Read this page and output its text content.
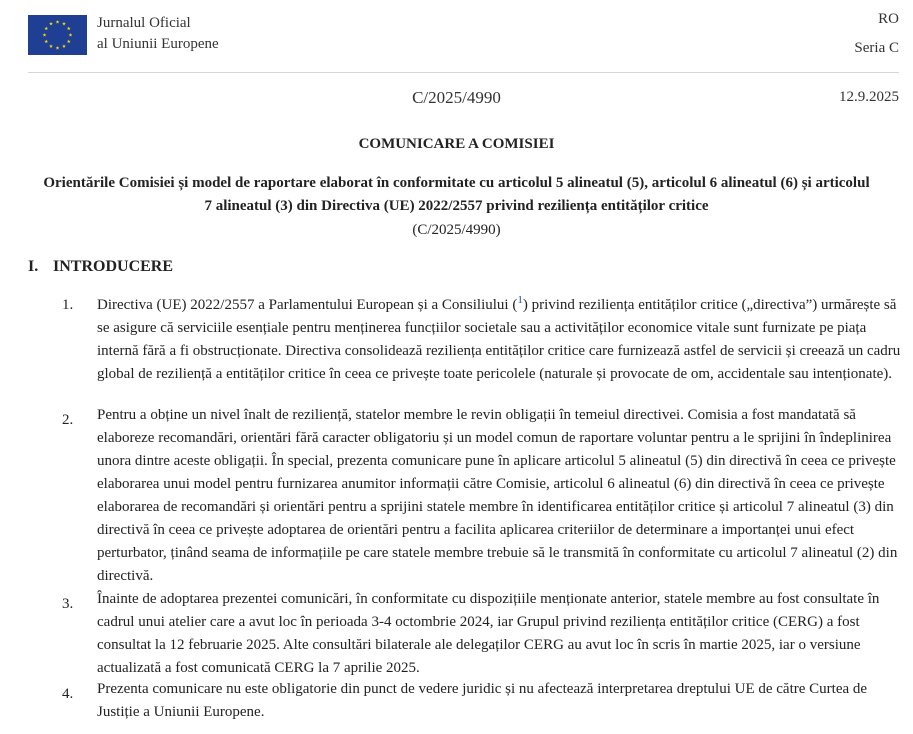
Jurnalul Oficial
al Uniunii Europene
RO
Seria C
C/2025/4990	12.9.2025
COMUNICARE A COMISIEI
Orientările Comisiei și model de raportare elaborat în conformitate cu articolul 5 alineatul (5), articolul 6 alineatul (6) și articolul 7 alineatul (3) din Directiva (UE) 2022/2557 privind reziliența entităților critice
(C/2025/4990)
I. INTRODUCERE
1. Directiva (UE) 2022/2557 a Parlamentului European și a Consiliului ($^1$) privind reziliența entităților critice („directiva”) urmărește să se asigure că serviciile esențiale pentru menținerea funcțiilor societale sau a activităților economice vitale sunt furnizate pe piața internă fără a fi obstrucționate. Directiva consolidează reziliența entităților critice care furnizează astfel de servicii și creează un cadru global de reziliență a entităților critice în ceea ce privește toate pericolele (naturale și provocate de om, accidentale sau intenționate).
2. Pentru a obține un nivel înalt de reziliență, statelor membre le revin obligații în temeiul directivei. Comisia a fost mandatată să elaboreze recomandări, orientări fără caracter obligatoriu și un model comun de raportare voluntar pentru a le sprijini în îndeplinirea unora dintre aceste obligații. În special, prezenta comunicare pune în aplicare articolul 5 alineatul (5) din directivă în ceea ce privește elaborarea unui model pentru furnizarea anumitor informații către Comisie, articolul 6 alineatul (6) din directivă în ceea ce privește elaborarea de recomandări și orientări pentru a sprijini statele membre în identificarea entităților critice și articolul 7 alineatul (3) din directivă în ceea ce privește adoptarea de orientări pentru a facilita aplicarea criteriilor de determinare a importanței unui efect perturbator, ținând seama de informațiile pe care statele membre trebuie să le transmită în conformitate cu articolul 7 alineatul (2) din directivă.
3. Înainte de adoptarea prezentei comunicări, în conformitate cu dispozițiile menționate anterior, statele membre au fost consultate în cadrul unui atelier care a avut loc în perioada 3-4 octombrie 2024, iar Grupul privind reziliența entităților critice (CERG) a fost consultat la 12 februarie 2025. Alte consultări bilaterale ale delegaților CERG au avut loc în scris în martie 2025, iar o versiune actualizată a fost comunicată CERG la 7 aprilie 2025.
4. Prezenta comunicare nu este obligatorie din punct de vedere juridic și nu afectează interpretarea dreptului UE de către Curtea de Justiție a Uniunii Europene.
